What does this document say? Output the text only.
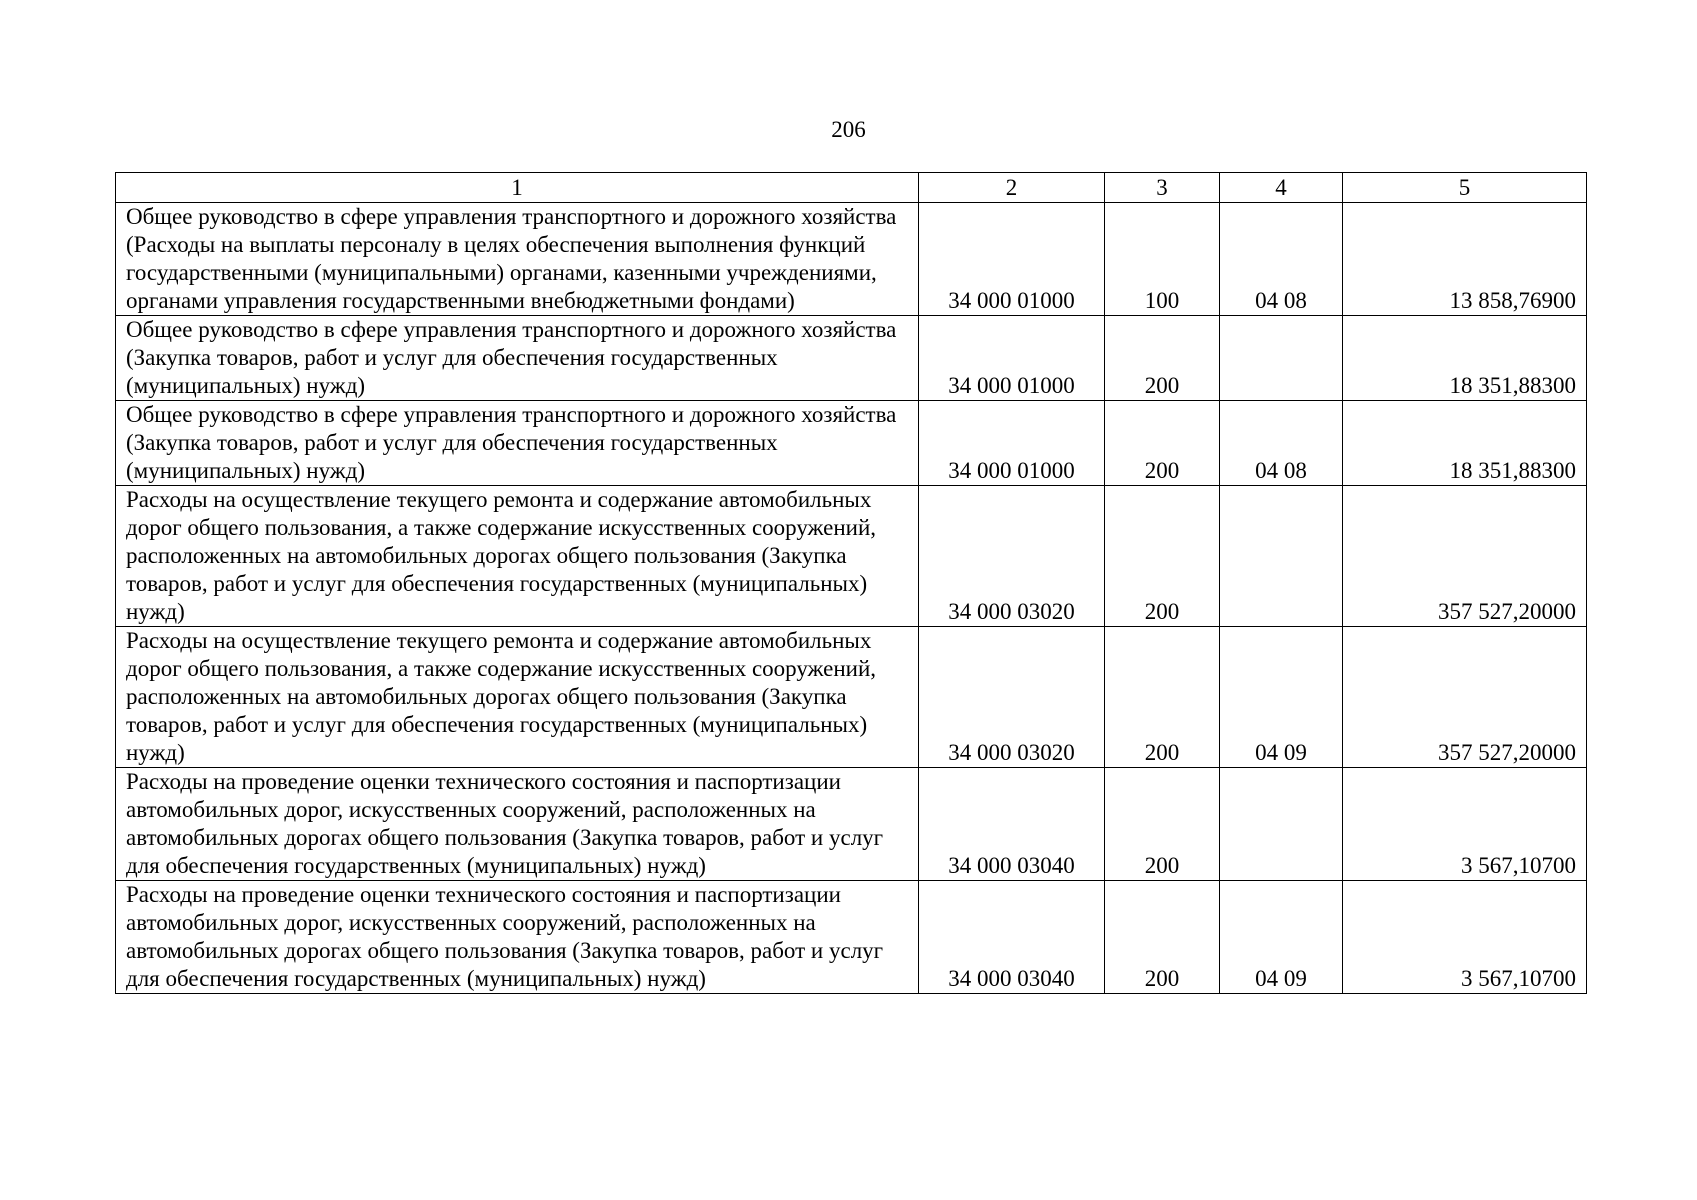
206
1	2	3	4	5
Общее руководство в сфере управления транспортного и дорожного хозяйства (Расходы на выплаты персоналу в целях обеспечения выполнения функций государственными (муниципальными) органами, казенными учреждениями, органами управления государственными внебюджетными фондами)	34 000 01000	100	04 08	13 858,76900
Общее руководство в сфере управления транспортного и дорожного хозяйства (Закупка товаров, работ и услуг для обеспечения государственных (муниципальных) нужд)	34 000 01000	200		18 351,88300
Общее руководство в сфере управления транспортного и дорожного хозяйства (Закупка товаров, работ и услуг для обеспечения государственных (муниципальных) нужд)	34 000 01000	200	04 08	18 351,88300
Расходы на осуществление текущего ремонта и содержание автомобильных дорог общего пользования, а также содержание искусственных сооружений, расположенных на автомобильных дорогах общего пользования (Закупка товаров, работ и услуг для обеспечения государственных (муниципальных) нужд)	34 000 03020	200		357 527,20000
Расходы на осуществление текущего ремонта и содержание автомобильных дорог общего пользования, а также содержание искусственных сооружений, расположенных на автомобильных дорогах общего пользования (Закупка товаров, работ и услуг для обеспечения государственных (муниципальных) нужд)	34 000 03020	200	04 09	357 527,20000
Расходы на проведение оценки технического состояния и паспортизации автомобильных дорог, искусственных сооружений, расположенных на автомобильных дорогах общего пользования (Закупка товаров, работ и услуг для обеспечения государственных (муниципальных) нужд)	34 000 03040	200		3 567,10700
Расходы на проведение оценки технического состояния и паспортизации автомобильных дорог, искусственных сооружений, расположенных на автомобильных дорогах общего пользования (Закупка товаров, работ и услуг для обеспечения государственных (муниципальных) нужд)	34 000 03040	200	04 09	3 567,10700
